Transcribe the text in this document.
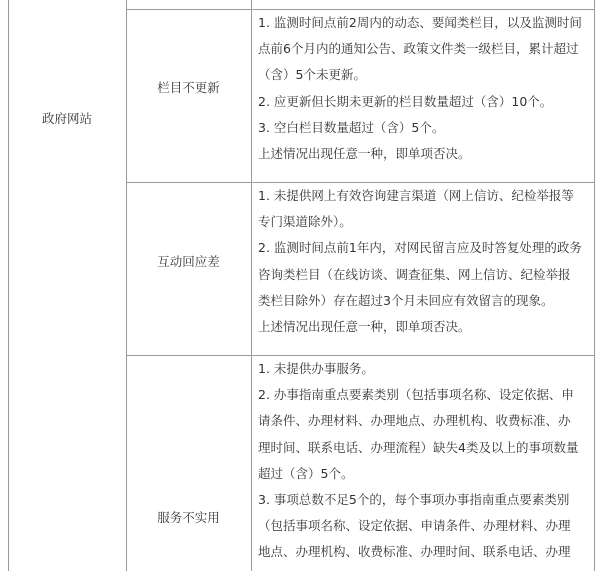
政府网站
栏目不更新

1. 监测时间点前2周内的动态、要闻类栏目，以及监测时间

点前6个月内的通知公告、政策文件类一级栏目，累计超过

（含）5个未更新。

2. 应更新但长期未更新的栏目数量超过（含）10个。

3. 空白栏目数量超过（含）5个。

上述情况出现任意一种，即单项否决。

互动回应差

1. 未提供网上有效咨询建言渠道（网上信访、纪检举报等

专门渠道除外）。

2. 监测时间点前1年内，对网民留言应及时答复处理的政务

咨询类栏目（在线访谈、调查征集、网上信访、纪检举报

类栏目除外）存在超过3个月未回应有效留言的现象。

上述情况出现任意一种，即单项否决。

服务不实用

1. 未提供办事服务。

2. 办事指南重点要素类别（包括事项名称、设定依据、申

请条件、办理材料、办理地点、办理机构、收费标准、办

理时间、联系电话、办理流程）缺失4类及以上的事项数量

超过（含）5个。

3. 事项总数不足5个的，每个事项办事指南重点要素类别

（包括事项名称、设定依据、申请条件、办理材料、办理

地点、办理机构、收费标准、办理时间、联系电话、办理
